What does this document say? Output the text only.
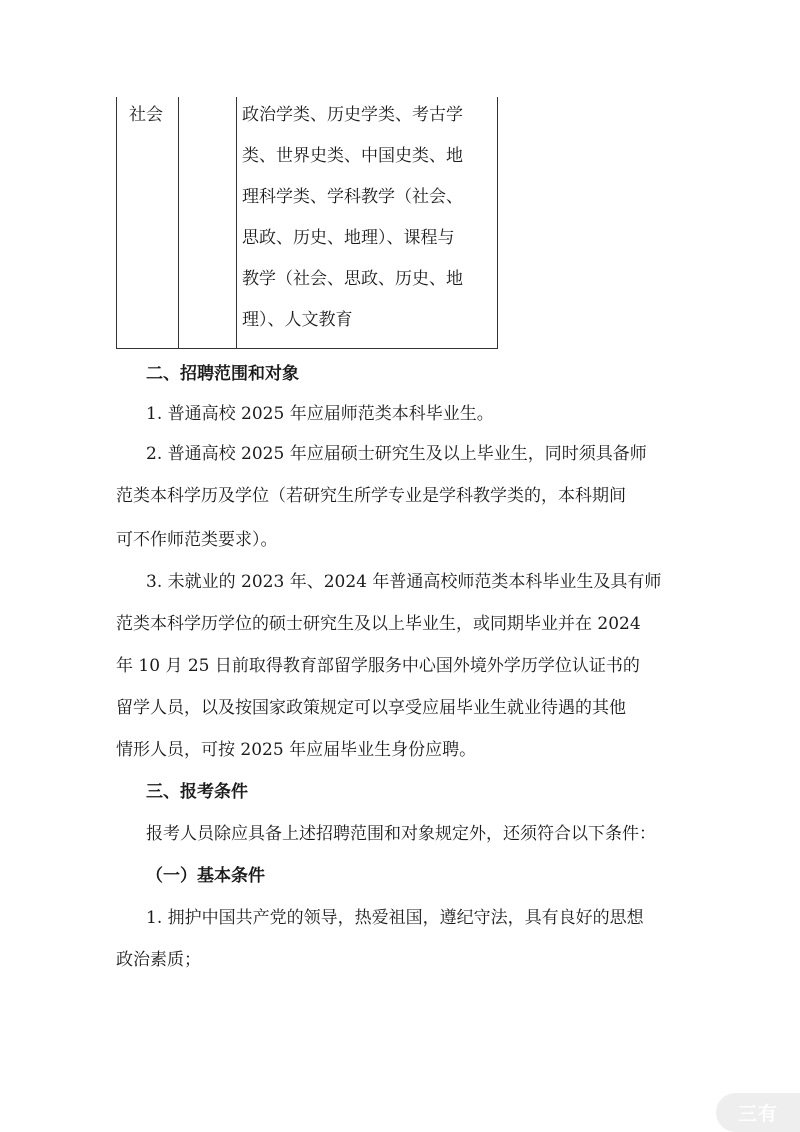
社会	政治学类、历史学类、考古学
类、世界史类、中国史类、地
理科学类、学科教学（社会、
思政、历史、地理）、课程与
教学（社会、思政、历史、地
理）、人文教育
二、招聘范围和对象
1. 普通高校 2025 年应届师范类本科毕业生。
2. 普通高校 2025 年应届硕士研究生及以上毕业生，同时须具备师
范类本科学历及学位（若研究生所学专业是学科教学类的，本科期间
可不作师范类要求）。
3. 未就业的 2023 年、2024 年普通高校师范类本科毕业生及具有师
范类本科学历学位的硕士研究生及以上毕业生，或同期毕业并在 2024
年 10 月 25 日前取得教育部留学服务中心国外境外学历学位认证书的
留学人员，以及按国家政策规定可以享受应届毕业生就业待遇的其他
情形人员，可按 2025 年应届毕业生身份应聘。
三、报考条件
报考人员除应具备上述招聘范围和对象规定外，还须符合以下条件：
（一）基本条件
1. 拥护中国共产党的领导，热爱祖国，遵纪守法，具有良好的思想
政治素质；
三有
